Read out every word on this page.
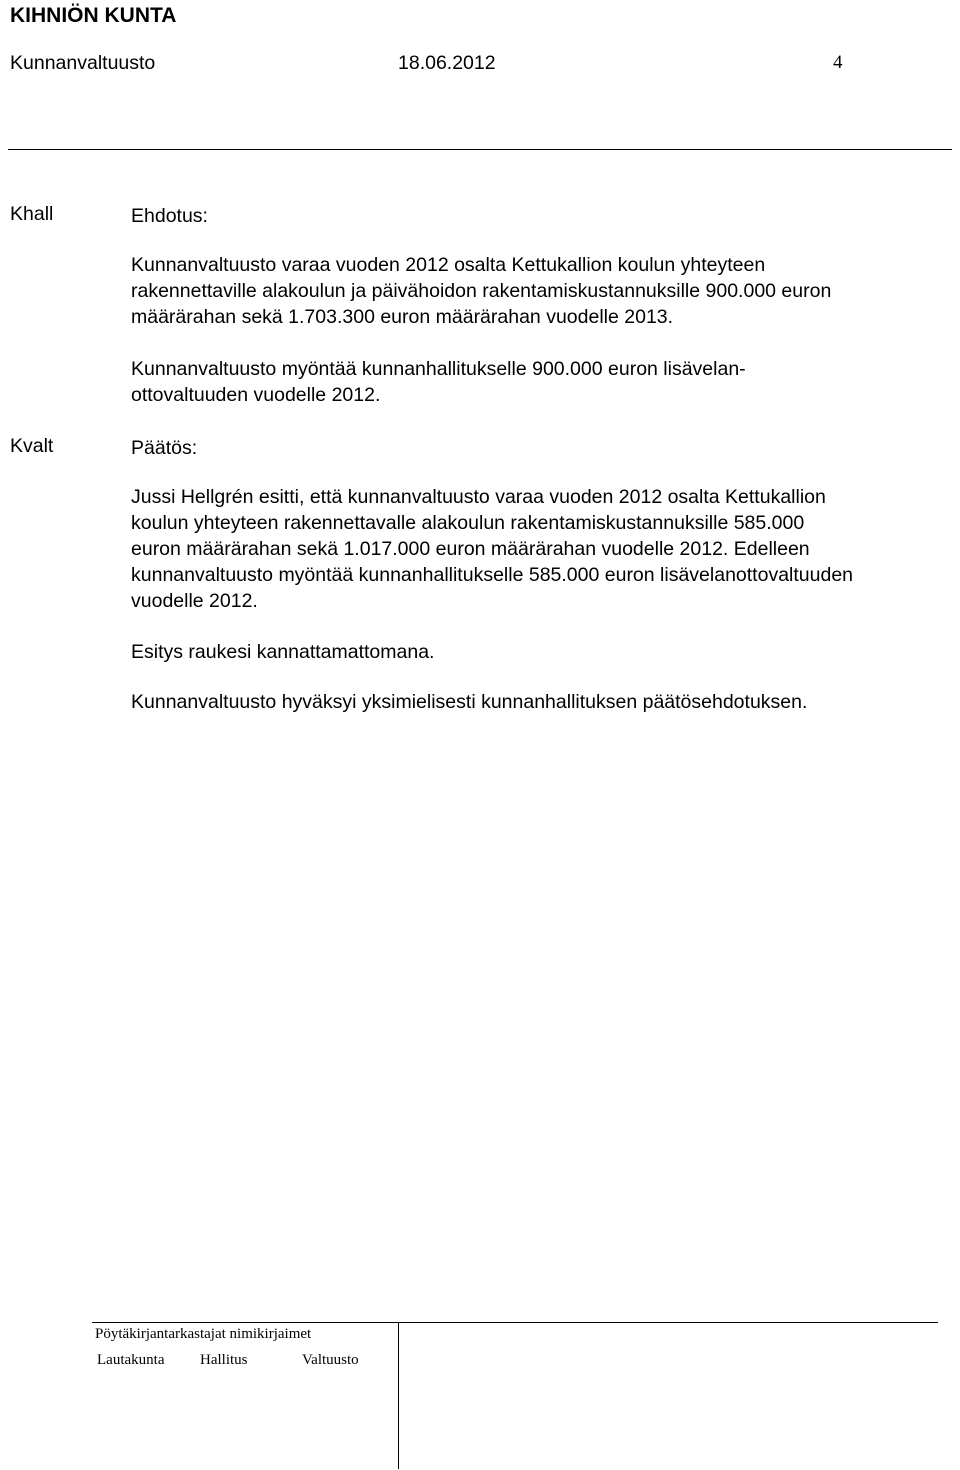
KIHNIÖN KUNTA
Kunnanvaltuusto	18.06.2012	4
Khall	Ehdotus:
Kunnanvaltuusto varaa vuoden 2012 osalta Kettukallion koulun yhteyteen
rakennettaville alakoulun ja päivähoidon rakentamiskustannuksille 900.000 euron
määrärahan sekä 1.703.300 euron määrärahan vuodelle 2013.
Kunnanvaltuusto myöntää kunnanhallitukselle 900.000 euron lisävelan-
ottovaltuuden vuodelle 2012.
Kvalt	Päätös:
Jussi Hellgrén esitti, että kunnanvaltuusto varaa vuoden 2012 osalta Kettukallion
koulun yhteyteen rakennettavalle alakoulun rakentamiskustannuksille 585.000
euron määrärahan sekä 1.017.000 euron määrärahan vuodelle 2012. Edelleen
kunnanvaltuusto myöntää kunnanhallitukselle 585.000 euron lisävelanottovaltuuden
vuodelle 2012.
Esitys raukesi kannattamattomana.
Kunnanvaltuusto hyväksyi yksimielisesti kunnanhallituksen päätösehdotuksen.
Pöytäkirjantarkastajat nimikirjaimet
Lautakunta Hallitus	Valtuusto
